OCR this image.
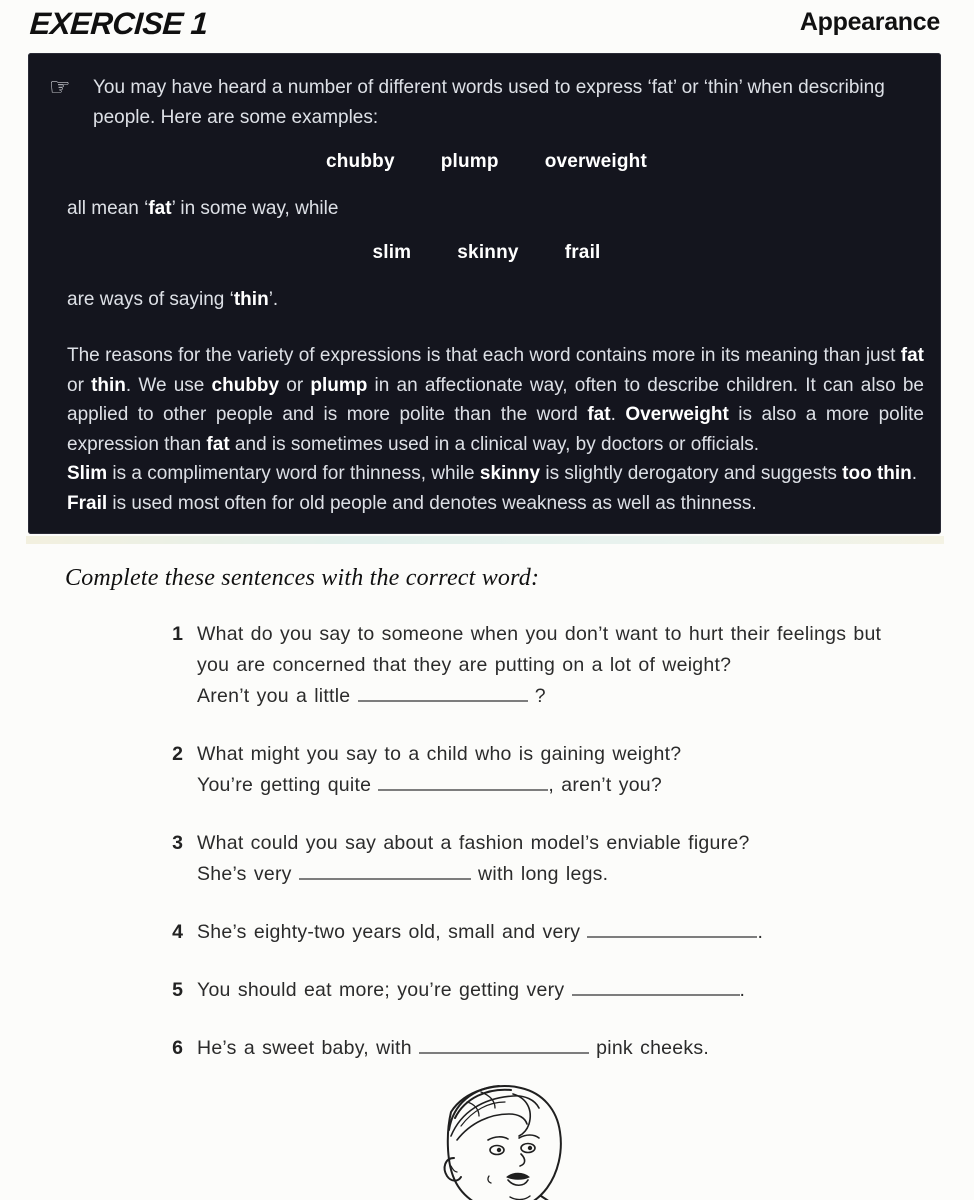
EXERCISE 1	Appearance
☞	You may have heard a number of different words used to express ‘fat’ or ‘thin’ when describing people. Here are some examples:
chubby plump overweight
all mean ‘fat’ in some way, while
slim skinny frail
are ways of saying ‘thin’.

The reasons for the variety of expressions is that each word contains more in its meaning than just fat or thin. We use chubby or plump in an affectionate way, often to describe children. It can also be applied to other people and is more polite than the word fat. Overweight is also a more polite expression than fat and is sometimes used in a clinical way, by doctors or officials.

Slim is a complimentary word for thinness, while skinny is slightly derogatory and suggests too thin.

Frail is used most often for old people and denotes weakness as well as thinness.

Complete these sentences with the correct word:
1 What do you say to someone when you don’t want to hurt their feelings but you are concerned that they are putting on a lot of weight?
Aren’t you a little	?
2 What might you say to a child who is gaining weight?
You’re getting quite	, aren’t you?
3 What could you say about a fashion model’s enviable figure?
She’s very	with long legs.
4 She’s eighty-two years old, small and very	.
5 You should eat more; you’re getting very	.
6 He’s a sweet baby, with	pink cheeks.
